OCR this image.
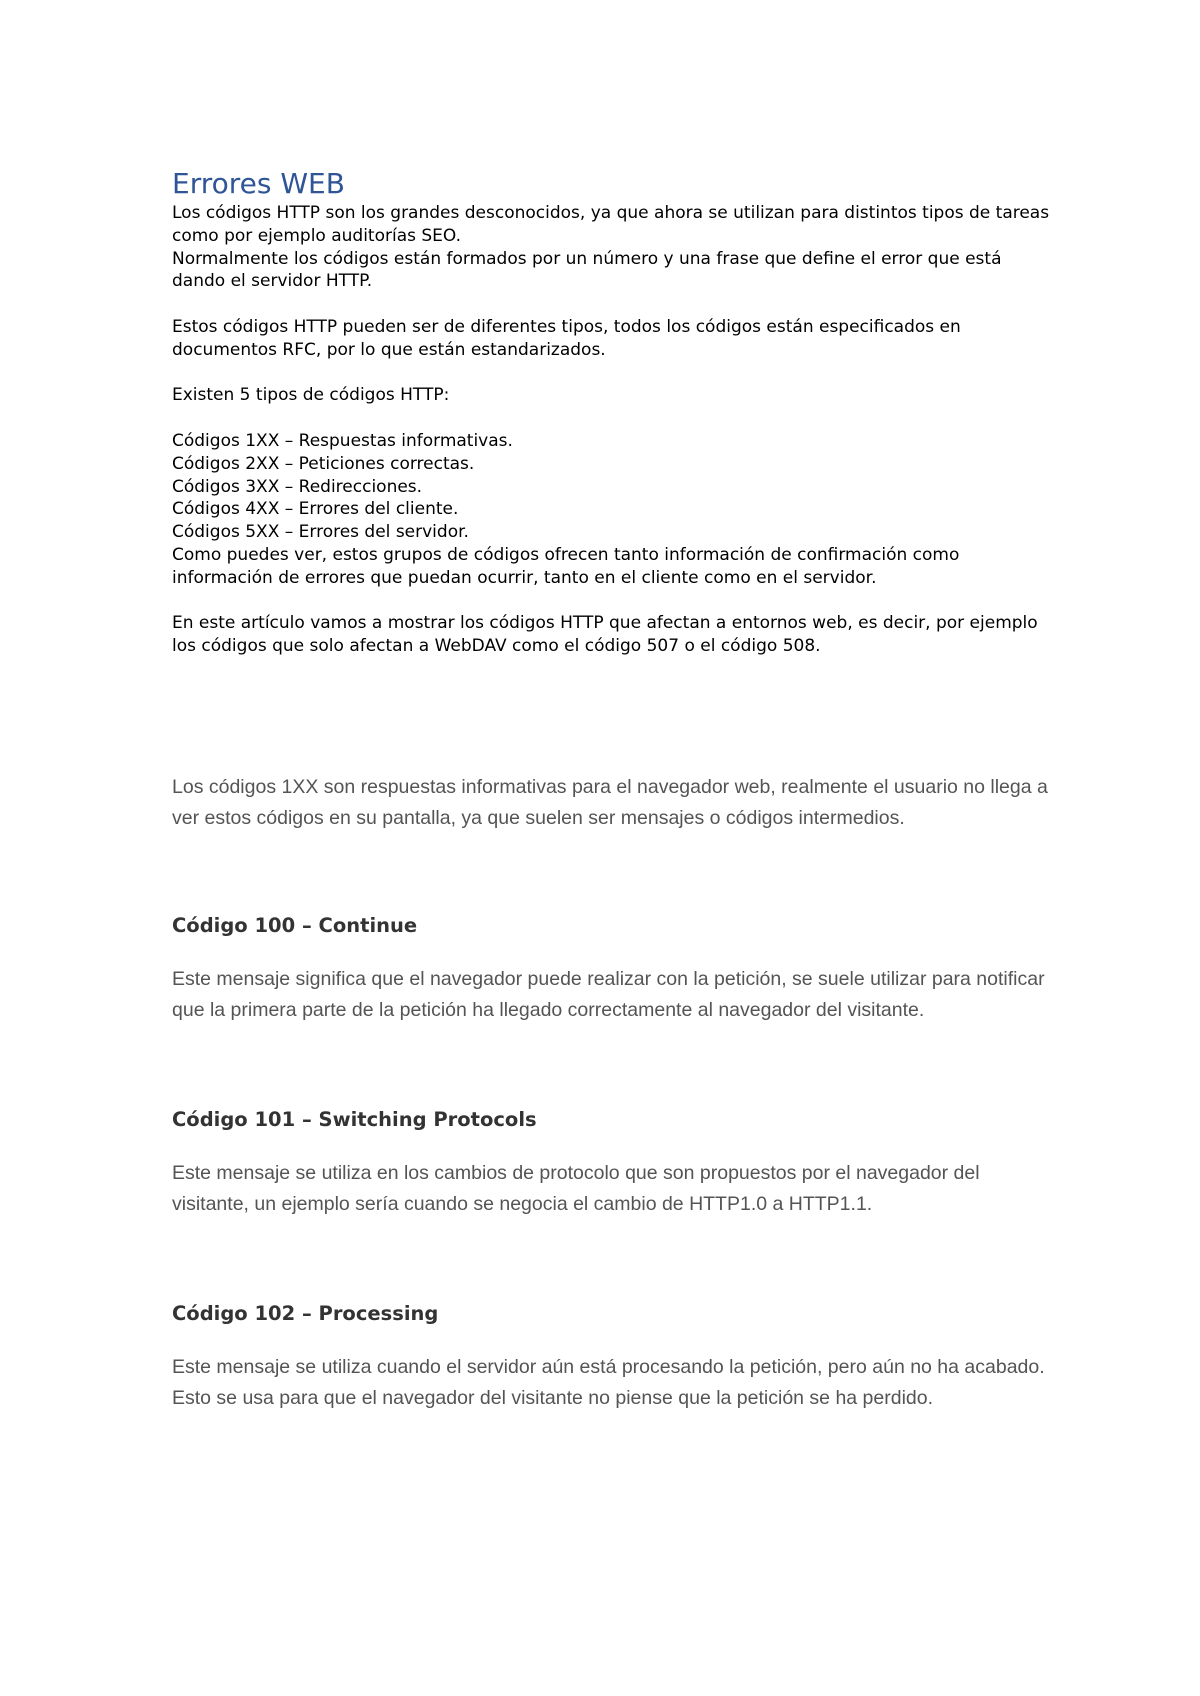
Errores WEB

Los códigos HTTP son los grandes desconocidos, ya que ahora se utilizan para distintos tipos de tareas como por ejemplo auditorías SEO.

Normalmente los códigos están formados por un número y una frase que define el error que está dando el servidor HTTP.

Estos códigos HTTP pueden ser de diferentes tipos, todos los códigos están especificados en documentos RFC, por lo que están estandarizados.

Existen 5 tipos de códigos HTTP:

Códigos 1XX – Respuestas informativas.

Códigos 2XX – Peticiones correctas.

Códigos 3XX – Redirecciones.

Códigos 4XX – Errores del cliente.

Códigos 5XX – Errores del servidor.

Como puedes ver, estos grupos de códigos ofrecen tanto información de confirmación como información de errores que puedan ocurrir, tanto en el cliente como en el servidor.

En este artículo vamos a mostrar los códigos HTTP que afectan a entornos web, es decir, por ejemplo los códigos que solo afectan a WebDAV como el código 507 o el código 508.

Los códigos 1XX son respuestas informativas para el navegador web, realmente el usuario no llega a ver estos códigos en su pantalla, ya que suelen ser mensajes o códigos intermedios.

Código 100 – Continue

Este mensaje significa que el navegador puede realizar con la petición, se suele utilizar para notificar que la primera parte de la petición ha llegado correctamente al navegador del visitante.

Código 101 – Switching Protocols

Este mensaje se utiliza en los cambios de protocolo que son propuestos por el navegador del visitante, un ejemplo sería cuando se negocia el cambio de HTTP1.0 a HTTP1.1.

Código 102 – Processing

Este mensaje se utiliza cuando el servidor aún está procesando la petición, pero aún no ha acabado. Esto se usa para que el navegador del visitante no piense que la petición se ha perdido.
